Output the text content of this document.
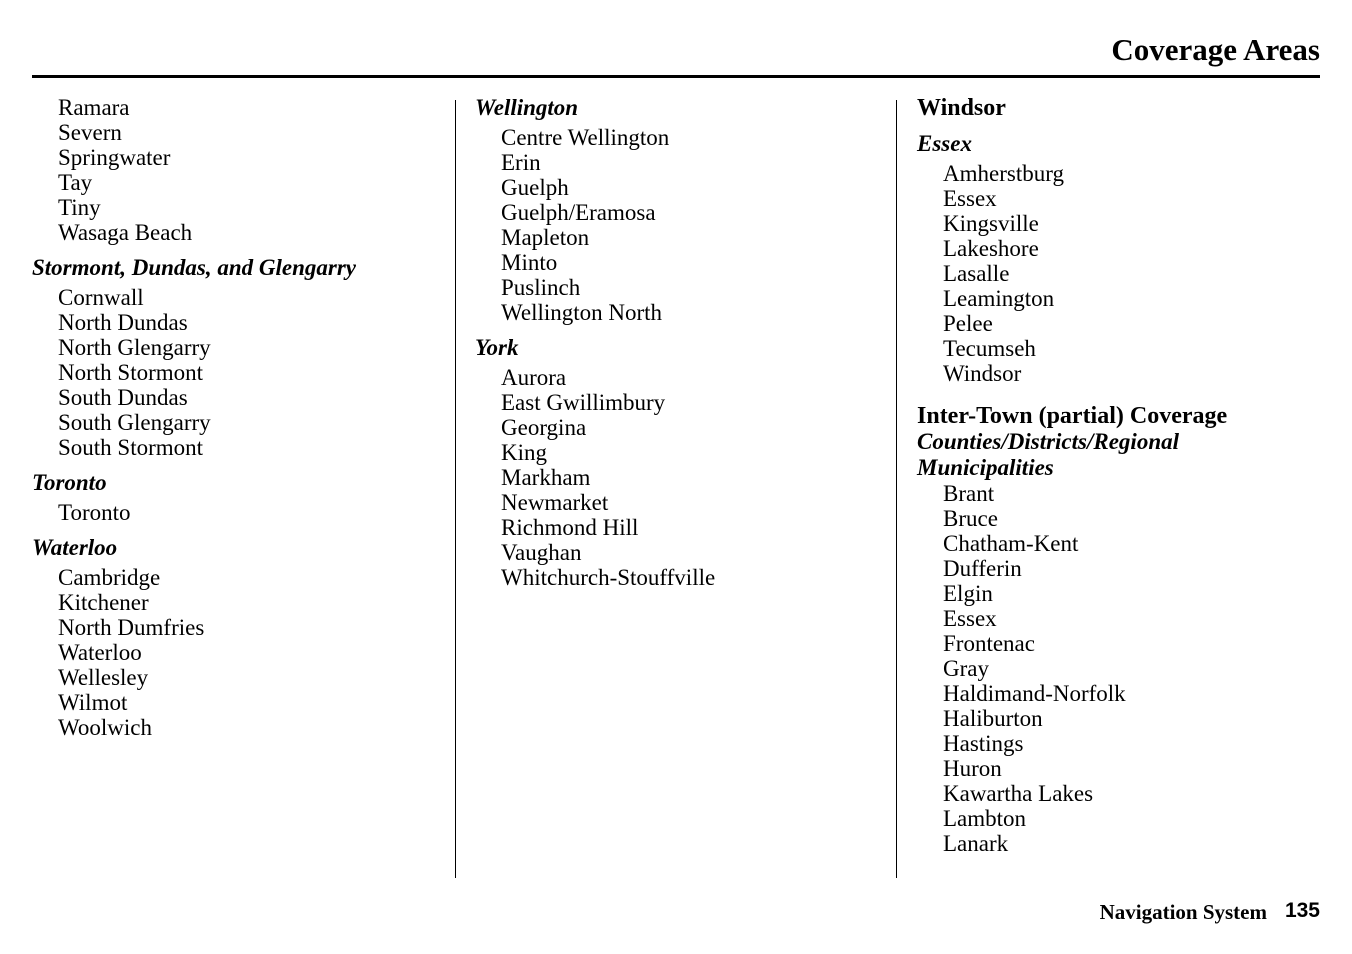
Coverage Areas
Ramara
Severn
Springwater
Tay
Tiny
Wasaga Beach
Stormont, Dundas, and Glengarry
Cornwall
North Dundas
North Glengarry
North Stormont
South Dundas
South Glengarry
South Stormont
Toronto
Toronto
Waterloo
Cambridge
Kitchener
North Dumfries
Waterloo
Wellesley
Wilmot
Woolwich
Wellington
Centre Wellington
Erin
Guelph
Guelph/Eramosa
Mapleton
Minto
Puslinch
Wellington North
York
Aurora
East Gwillimbury
Georgina
King
Markham
Newmarket
Richmond Hill
Vaughan
Whitchurch-Stouffville
Windsor
Essex
Amherstburg
Essex
Kingsville
Lakeshore
Lasalle
Leamington
Pelee
Tecumseh
Windsor
Inter-Town (partial) Coverage
Counties/Districts/Regional
Municipalities
Brant
Bruce
Chatham-Kent
Dufferin
Elgin
Essex
Frontenac
Gray
Haldimand-Norfolk
Haliburton
Hastings
Huron
Kawartha Lakes
Lambton
Lanark
Navigation System 135
